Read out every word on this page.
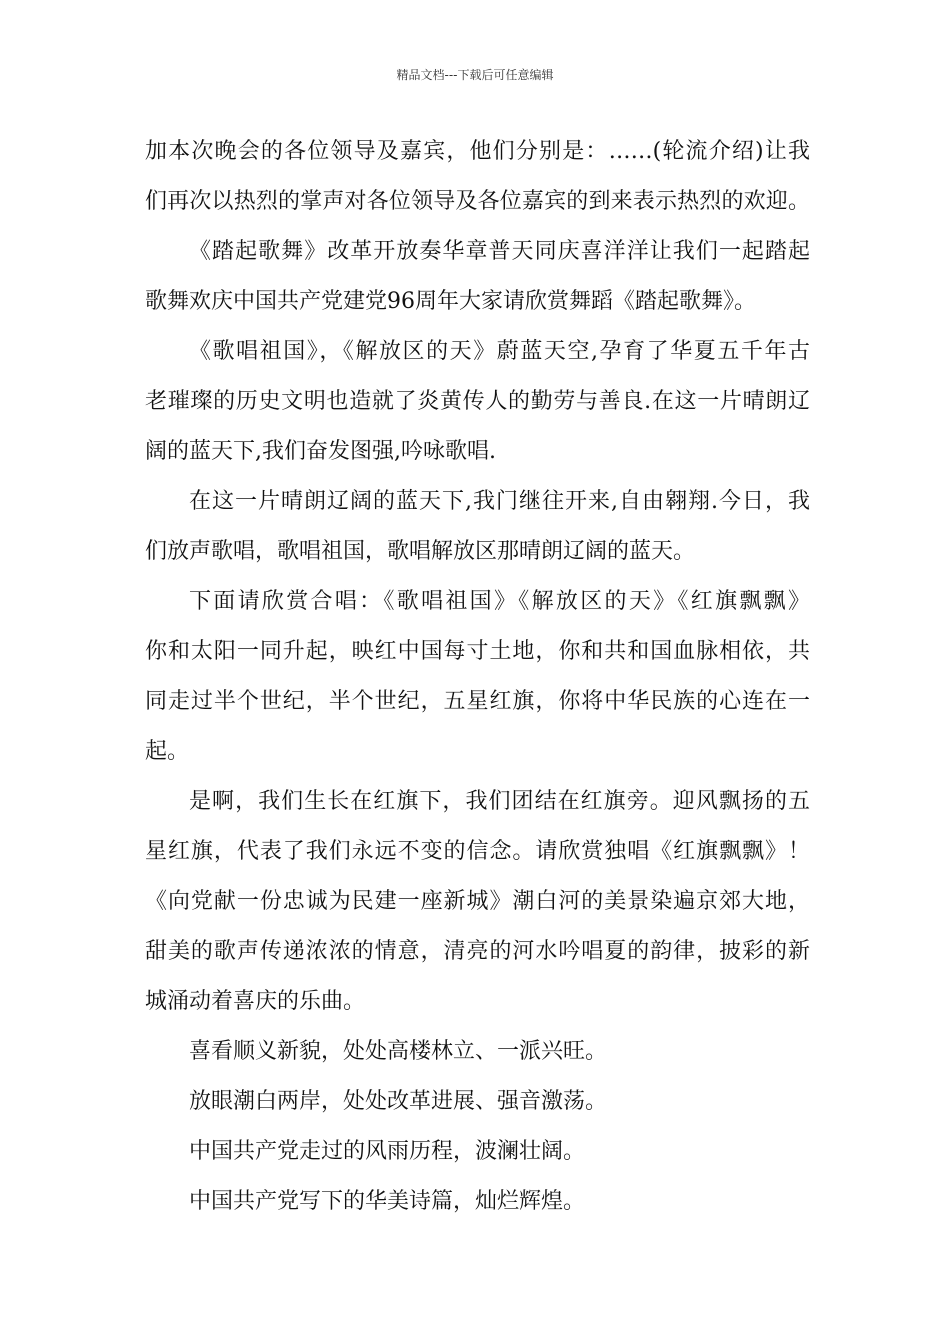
精品文档---下载后可任意编辑
加本次晚会的各位领导及嘉宾，他们分别是：……(轮流介绍)让我
们再次以热烈的掌声对各位领导及各位嘉宾的到来表示热烈的欢迎。
《踏起歌舞》改革开放奏华章普天同庆喜洋洋让我们一起踏起
歌舞欢庆中国共产党建党96周年大家请欣赏舞蹈《踏起歌舞》。
《歌唱祖国》，《解放区的天》蔚蓝天空,孕育了华夏五千年古
老璀璨的历史文明也造就了炎黄传人的勤劳与善良.在这一片晴朗辽
阔的蓝天下,我们奋发图强,吟咏歌唱.
在这一片晴朗辽阔的蓝天下,我门继往开来,自由翱翔.今日，我
们放声歌唱，歌唱祖国，歌唱解放区那晴朗辽阔的蓝天。
下面请欣赏合唱：《歌唱祖国》《解放区的天》《红旗飘飘》
你和太阳一同升起，映红中国每寸土地，你和共和国血脉相依，共
同走过半个世纪，半个世纪，五星红旗，你将中华民族的心连在一
起。
是啊，我们生长在红旗下，我们团结在红旗旁。迎风飘扬的五
星红旗，代表了我们永远不变的信念。请欣赏独唱《红旗飘飘》！
《向党献一份忠诚为民建一座新城》潮白河的美景染遍京郊大地，
甜美的歌声传递浓浓的情意，清亮的河水吟唱夏的韵律，披彩的新
城涌动着喜庆的乐曲。
喜看顺义新貌，处处高楼林立、一派兴旺。
放眼潮白两岸，处处改革进展、强音激荡。
中国共产党走过的风雨历程，波澜壮阔。
中国共产党写下的华美诗篇，灿烂辉煌。
